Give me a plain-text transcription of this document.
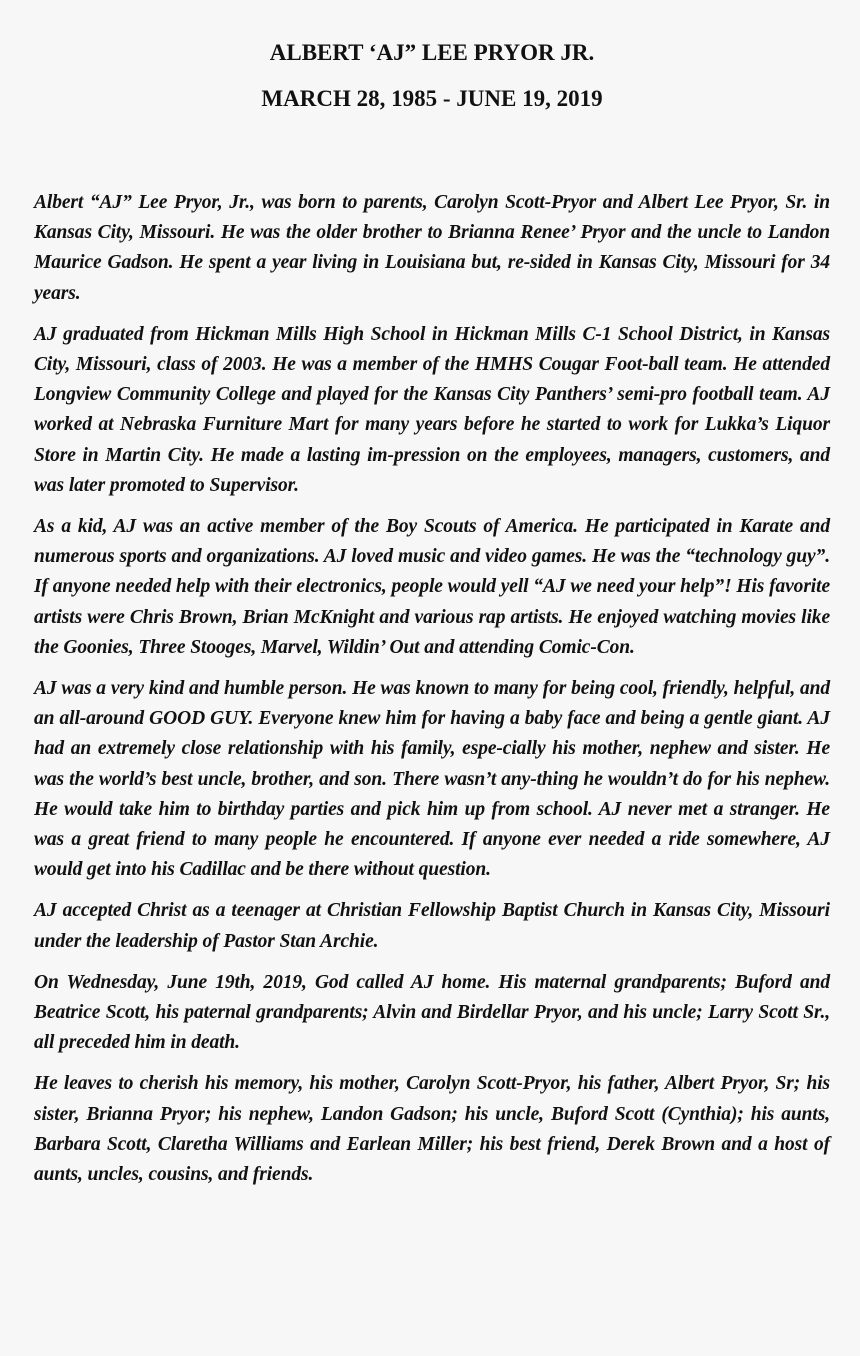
ALBERT ‘AJ” LEE PRYOR JR.
MARCH 28, 1985 - JUNE 19, 2019

Albert “AJ” Lee Pryor, Jr., was born to parents, Carolyn Scott-Pryor and Albert Lee Pryor, Sr. in Kansas City, Missouri. He was the older brother to Brianna Renee’ Pryor and the uncle to Landon Maurice Gadson. He spent a year living in Louisiana but, re-sided in Kansas City, Missouri for 34 years.

AJ graduated from Hickman Mills High School in Hickman Mills C-1 School District, in Kansas City, Missouri, class of 2003. He was a member of the HMHS Cougar Foot-ball team. He attended Longview Community College and played for the Kansas City Panthers’ semi-pro football team. AJ worked at Nebraska Furniture Mart for many years before he started to work for Lukka’s Liquor Store in Martin City. He made a lasting im-pression on the employees, managers, customers, and was later promoted to Supervisor.

As a kid, AJ was an active member of the Boy Scouts of America. He participated in Karate and numerous sports and organizations. AJ loved music and video games. He was the “technology guy”. If anyone needed help with their electronics, people would yell “AJ we need your help”! His favorite artists were Chris Brown, Brian McKnight and various rap artists. He enjoyed watching movies like the Goonies, Three Stooges, Marvel, Wildin’ Out and attending Comic-Con.

AJ was a very kind and humble person. He was known to many for being cool, friendly, helpful, and an all-around GOOD GUY. Everyone knew him for having a baby face and being a gentle giant. AJ had an extremely close relationship with his family, espe-cially his mother, nephew and sister. He was the world’s best uncle, brother, and son. There wasn’t any-thing he wouldn’t do for his nephew. He would take him to birthday parties and pick him up from school. AJ never met a stranger. He was a great friend to many people he encountered. If anyone ever needed a ride somewhere, AJ would get into his Cadillac and be there without question.

AJ accepted Christ as a teenager at Christian Fellowship Baptist Church in Kansas City, Missouri under the leadership of Pastor Stan Archie.

On Wednesday, June 19th, 2019, God called AJ home. His maternal grandparents; Buford and Beatrice Scott, his paternal grandparents; Alvin and Birdellar Pryor, and his uncle; Larry Scott Sr., all preceded him in death.

He leaves to cherish his memory, his mother, Carolyn Scott-Pryor, his father, Albert Pryor, Sr; his sister, Brianna Pryor; his nephew, Landon Gadson; his uncle, Buford Scott (Cynthia); his aunts, Barbara Scott, Claretha Williams and Earlean Miller; his best friend, Derek Brown and a host of aunts, uncles, cousins, and friends.
